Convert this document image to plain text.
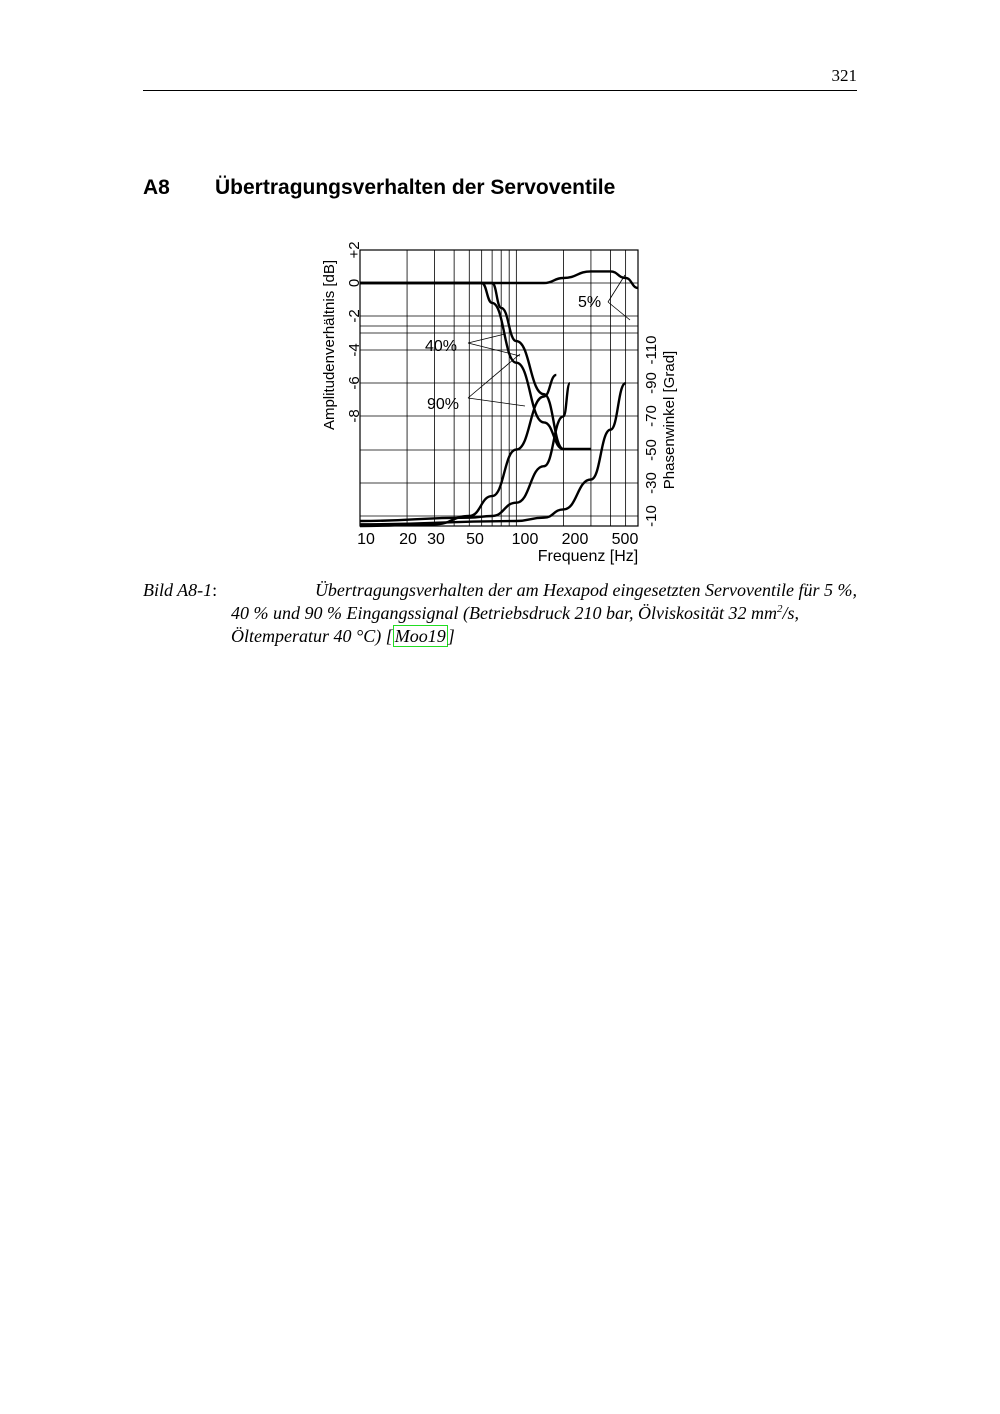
321
A8 Übertragungsverhalten der Servoventile
+2
0
-2
-4
-6
-8
Amplitudenverhältnis [dB]
-10
-30
-50
-70
-90
-110
Phasenwinkel [Grad]
10 20 30 50 100 200 500
Frequenz [Hz]
5%
40%
90%
Bild A8-1:	Übertragungsverhalten der am Hexapod eingesetzten Servoventile für 5 %,
40 % und 90 % Eingangssignal (Betriebsdruck 210 bar, Ölviskosität 32 $mm^2/s$,
Öltemperatur 40 °C) [ Moo19 ]
